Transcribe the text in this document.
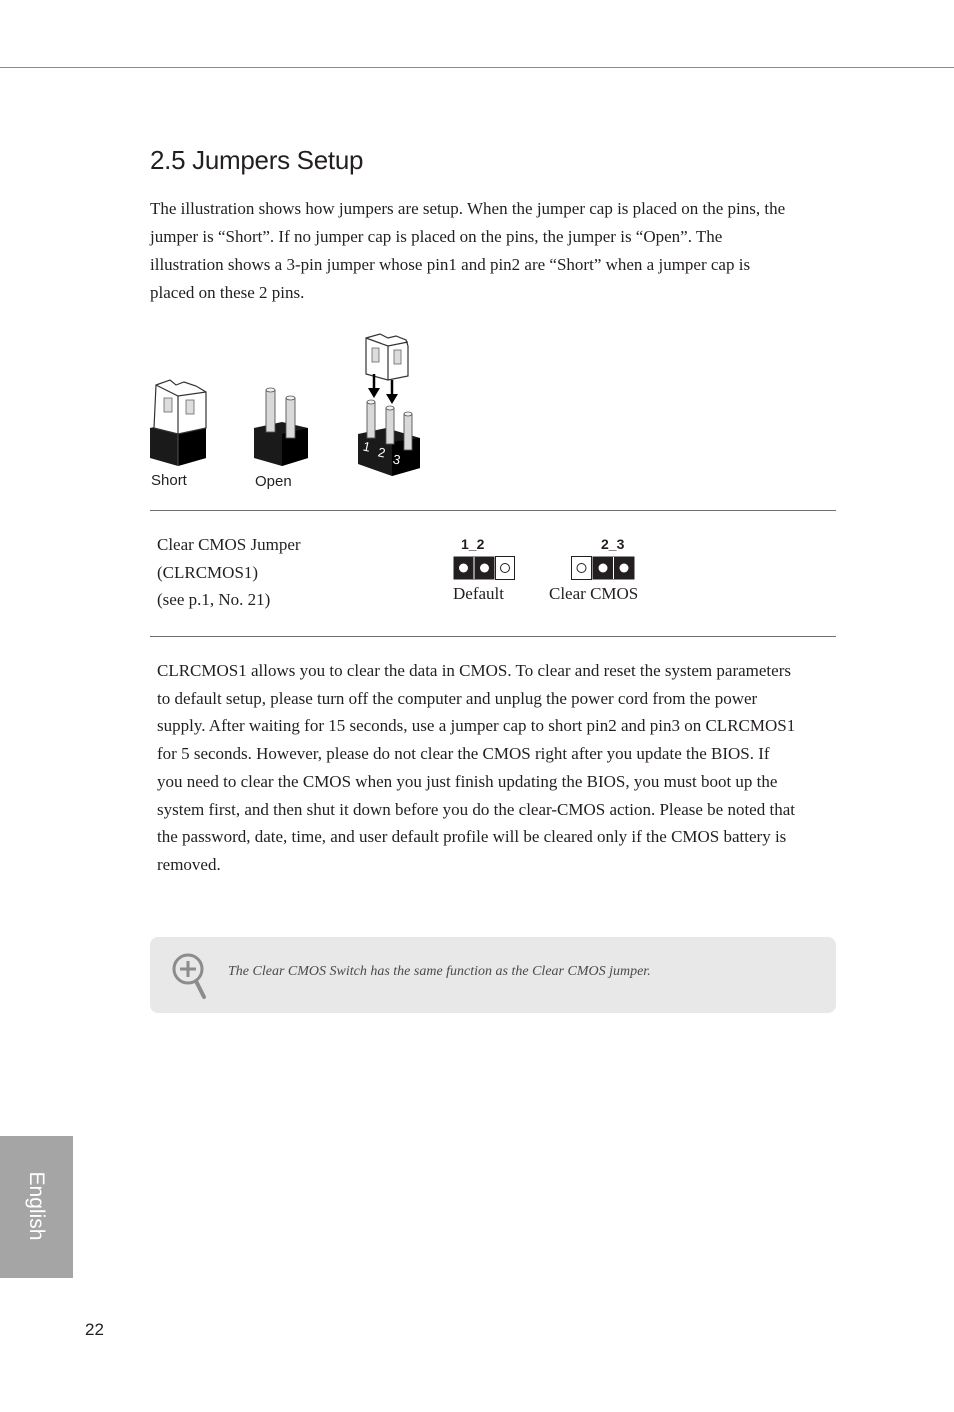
2.5 Jumpers Setup

The illustration shows how jumpers are setup. When the jumper cap is placed on the pins, the jumper is “Short”. If no jumper cap is placed on the pins, the jumper is “Open”. The illustration shows a 3-pin jumper whose pin1 and pin2 are “Short” when a jumper cap is placed on these 2 pins.

1 2 3
Short	Open
Clear CMOS Jumper
(CLRCMOS1)
(see p.1, No. 21)
1_2
Default
2_3
Clear CMOS

CLRCMOS1 allows you to clear the data in CMOS. To clear and reset the system parameters to default setup, please turn off the computer and unplug the power cord from the power supply. After waiting for 15 seconds, use a jumper cap to short pin2 and pin3 on CLRCMOS1 for 5 seconds. However, please do not clear the CMOS right after you update the BIOS. If you need to clear the CMOS when you just finish updating the BIOS, you must boot up the system first, and then shut it down before you do the clear-CMOS action. Please be noted that the password, date, time, and user default profile will be cleared only if the CMOS battery is removed.

The Clear CMOS Switch has the same function as the Clear CMOS jumper.
English
22
